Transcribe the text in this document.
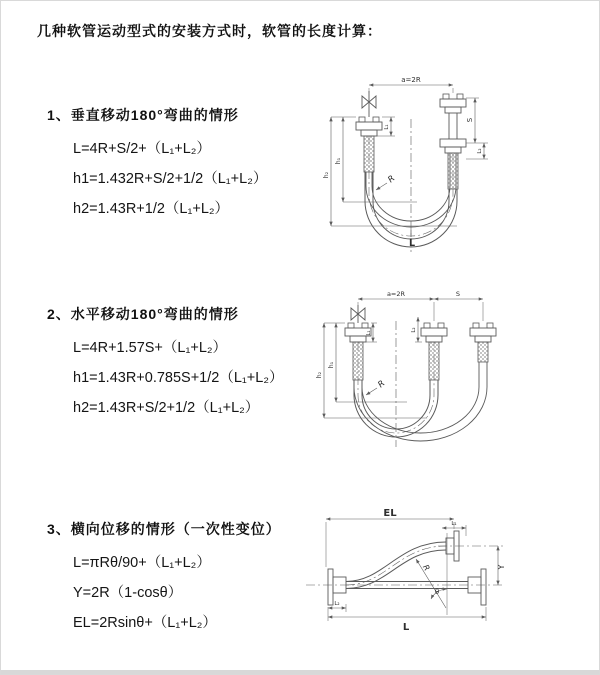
几种软管运动型式的安装方式时，软管的长度计算：
1、垂直移动180°弯曲的情形
L=4R+S/2+（L₁+L₂）
h1=1.432R+S/2+1/2（L₁+L₂）
h2=1.43R+1/2（L₁+L₂）
2、水平移动180°弯曲的情形
L=4R+1.57S+（L₁+L₂）
h1=1.43R+0.785S+1/2（L₁+L₂）
h2=1.43R+S/2+1/2（L₁+L₂）
3、横向位移的情形（一次性变位）
L=πRθ/90+（L₁+L₂）
Y=2R（1-cosθ）
EL=2Rsinθ+（L₁+L₂）
a=2R
S
L₂
L₁
h₁
h₂	R
L
a=2R	S
L₁
L₂
h₁
h₂
R
EL
L₁
Y
R
θ
L₂
L
